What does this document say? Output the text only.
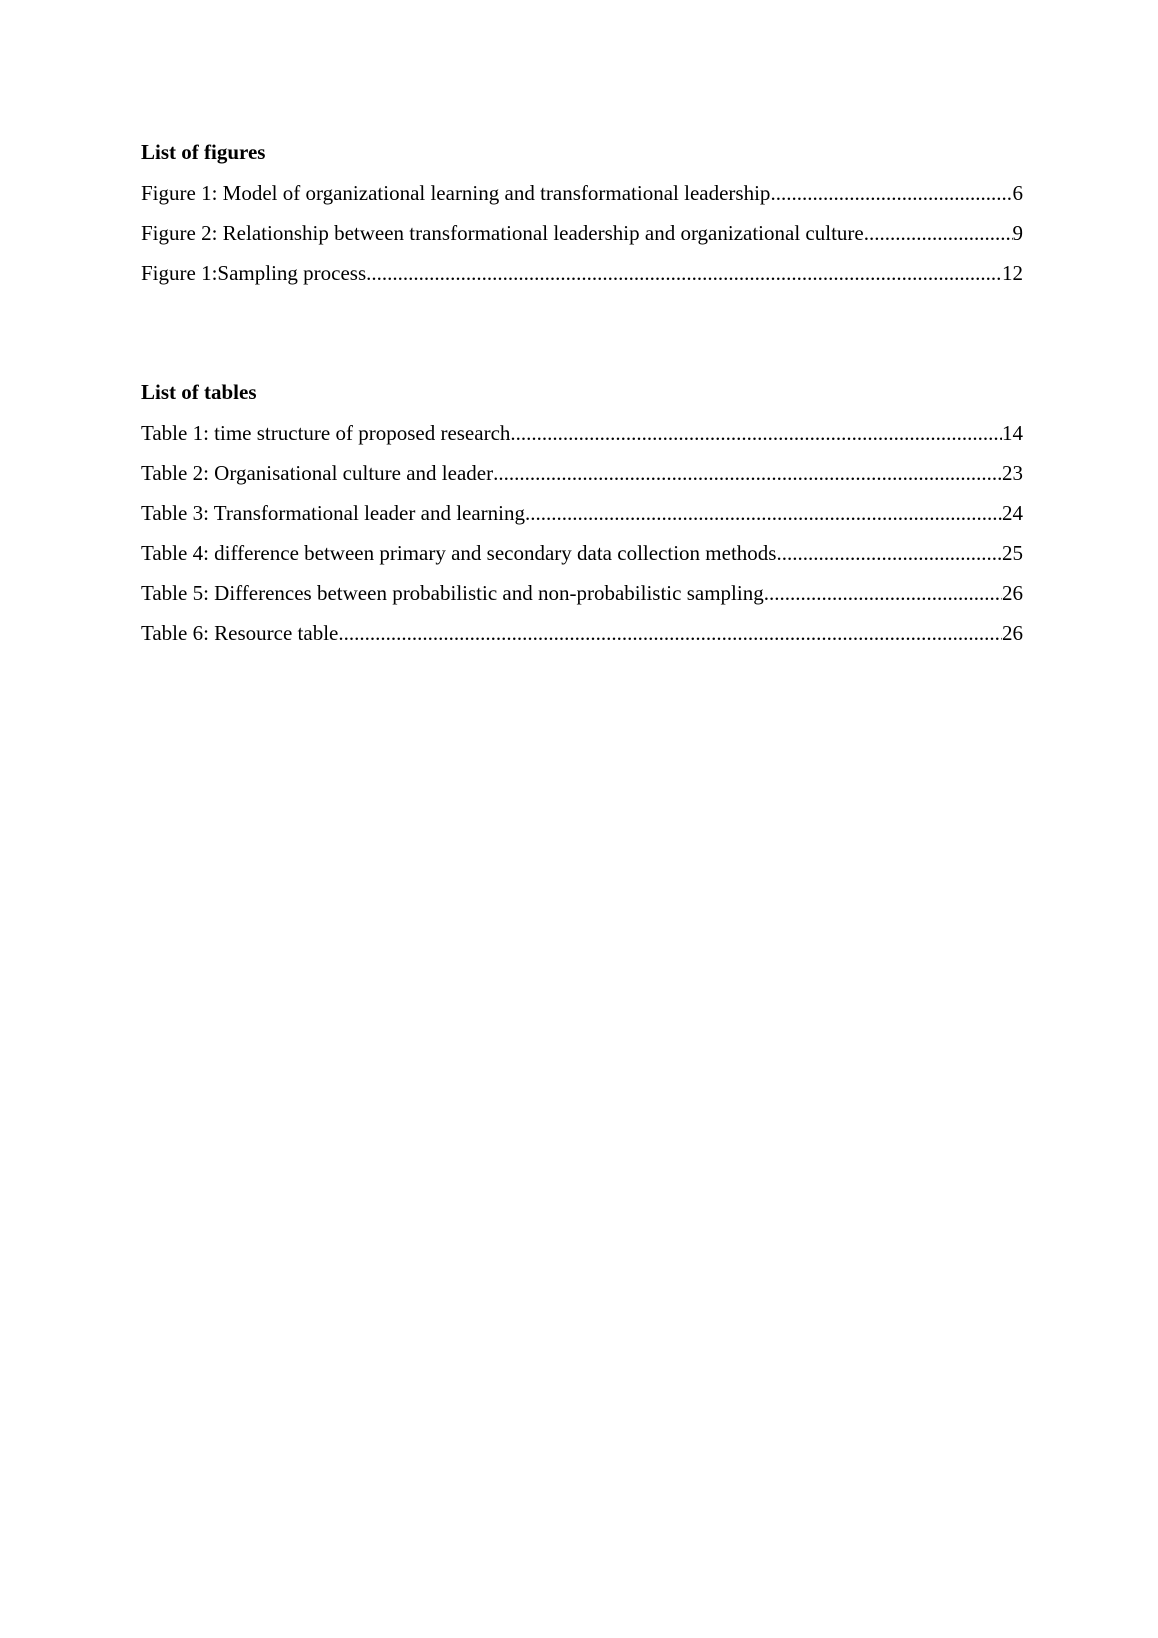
List of figures
Figure 1: Model of organizational learning and transformational leadership .....	6
Figure 2: Relationship between transformational leadership and organizational culture .....	9
Figure 1:Sampling process .....	12
List of tables
Table 1: time structure of proposed research .....	14
Table 2: Organisational culture and leader .....	23
Table 3: Transformational leader and learning .....	24
Table 4: difference between primary and secondary data collection methods .....	25
Table 5: Differences between probabilistic and non-probabilistic sampling .....	26
Table 6: Resource table .....	26
